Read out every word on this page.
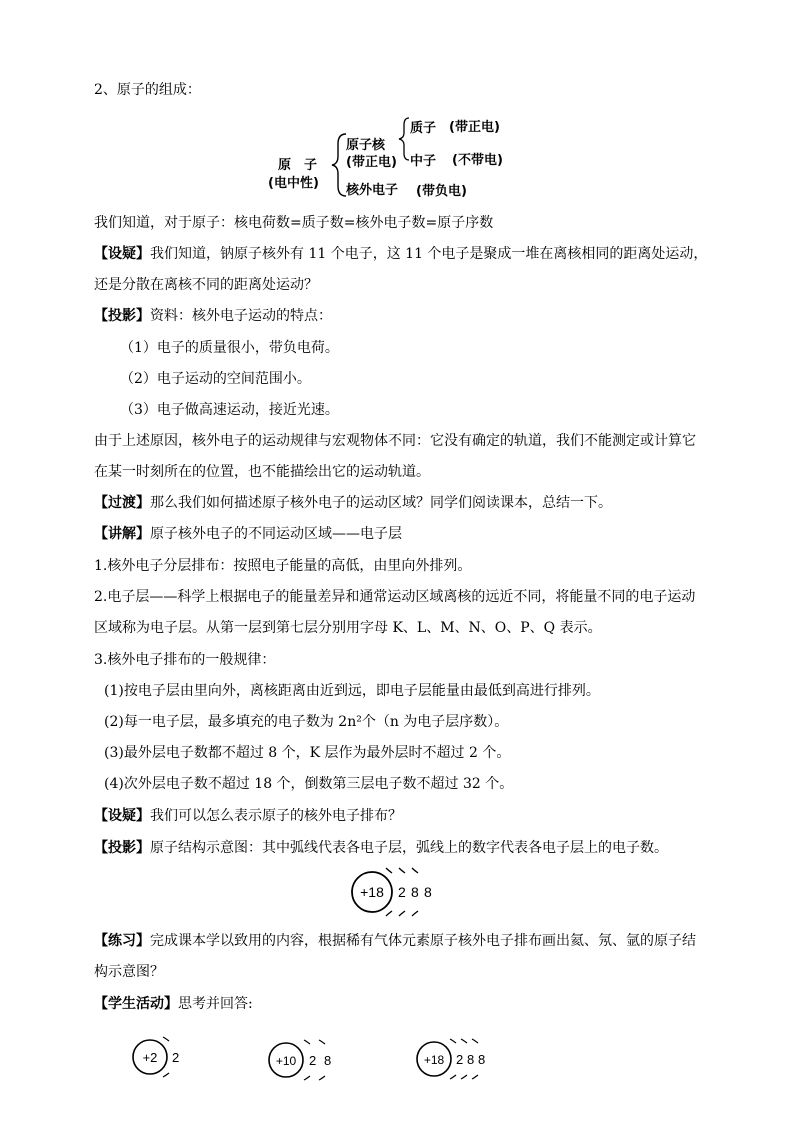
2、原子的组成：
原　子
(电中性)
原子核
(带正电)
质子 (带正电)
中子 (不带电)
核外电子 (带负电)
我们知道，对于原子：核电荷数=质子数=核外电子数=原子序数
【设疑】我们知道，钠原子核外有 11 个电子，这 11 个电子是聚成一堆在离核相同的距离处运动，
还是分散在离核不同的距离处运动？
【投影】资料：核外电子运动的特点：
（1）电子的质量很小，带负电荷。
（2）电子运动的空间范围小。
（3）电子做高速运动，接近光速。
由于上述原因，核外电子的运动规律与宏观物体不同：它没有确定的轨道，我们不能测定或计算它
在某一时刻所在的位置，也不能描绘出它的运动轨道。
【过渡】那么我们如何描述原子核外电子的运动区域？同学们阅读课本，总结一下。
【讲解】原子核外电子的不同运动区域——电子层
1.核外电子分层排布：按照电子能量的高低，由里向外排列。
2.电子层——科学上根据电子的能量差异和通常运动区域离核的远近不同，将能量不同的电子运动
区域称为电子层。从第一层到第七层分别用字母 K、L、M、N、O、P、Q 表示。
3.核外电子排布的一般规律：
(1)按电子层由里向外，离核距离由近到远，即电子层能量由最低到高进行排列。
(2)每一电子层，最多填充的电子数为 2n²个（n 为电子层序数）。
(3)最外层电子数都不超过 8 个，K 层作为最外层时不超过 2 个。
(4)次外层电子数不超过 18 个，倒数第三层电子数不超过 32 个。
【设疑】我们可以怎么表示原子的核外电子排布？
【投影】原子结构示意图：其中弧线代表各电子层，弧线上的数字代表各电子层上的电子数。
+18 2 8 8
【练习】完成课本学以致用的内容，根据稀有气体元素原子核外电子排布画出氦、氖、氩的原子结
构示意图？
【学生活动】思考并回答:
+2 2	+10 2 8	+18 2 8 8
